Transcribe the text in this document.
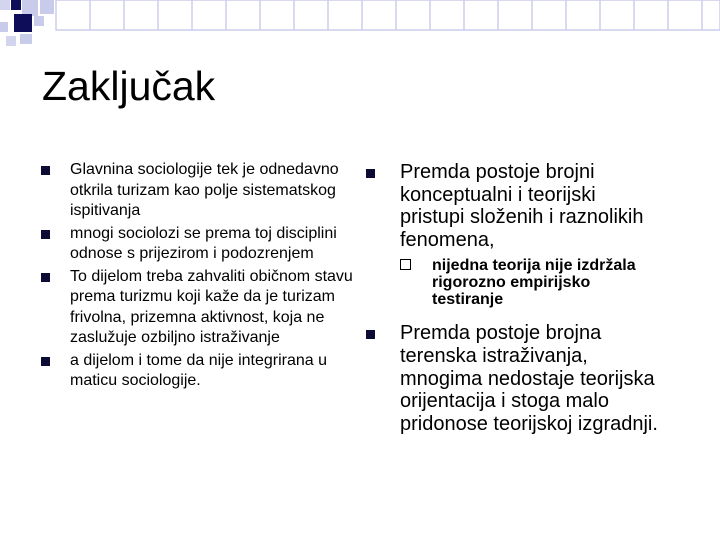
Zaključak
Glavnina sociologije tek je odnedavno otkrila turizam kao polje sistematskog ispitivanja
mnogi sociolozi se prema toj disciplini odnose s prijezirom i podozrenjem
To dijelom treba zahvaliti običnom stavu prema turizmu koji kaže da je turizam frivolna, prizemna aktivnost, koja ne zaslužuje ozbiljno istraživanje
a dijelom i tome da nije integrirana u maticu sociologije.
Premda postoje brojni konceptualni i teorijski pristupi složenih i raznolikih fenomena,
nijedna teorija nije izdržala rigorozno empirijsko testiranje
Premda postoje brojna terenska istraživanja, mnogima nedostaje teorijska orijentacija i stoga malo pridonose teorijskoj izgradnji.
